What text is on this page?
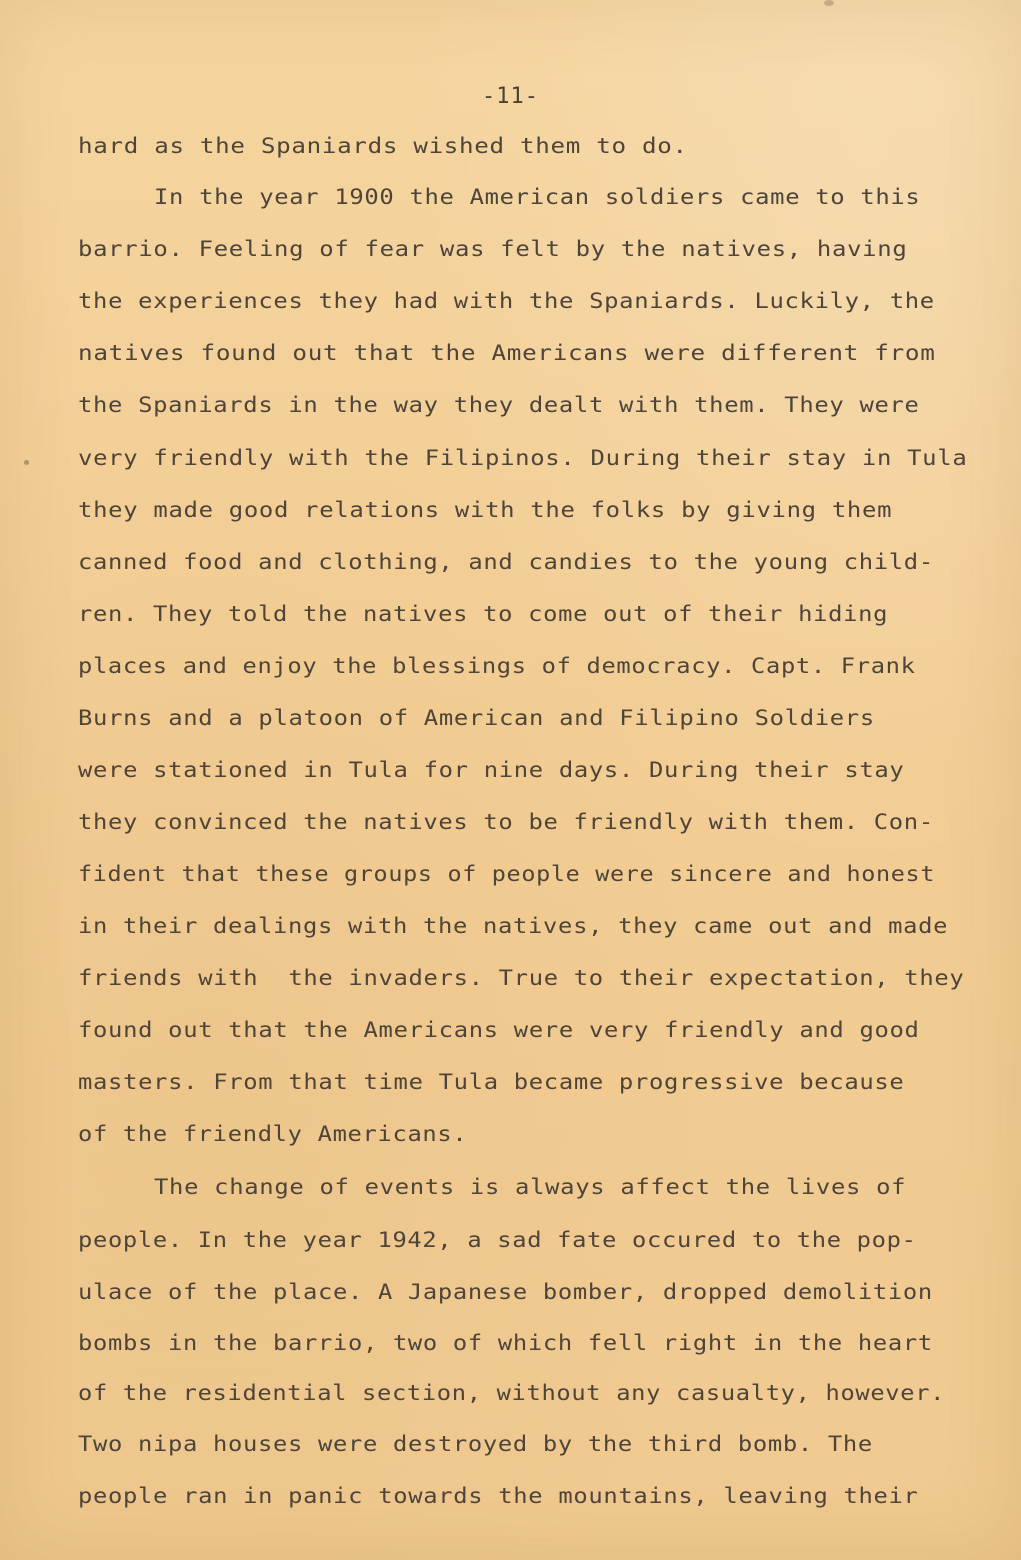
-11-
hard as the Spaniards wished them to do.
In the year 1900 the American soldiers came to this
barrio. Feeling of fear was felt by the natives, having
the experiences they had with the Spaniards. Luckily, the
natives found out that the Americans were different from
the Spaniards in the way they dealt with them. They were
very friendly with the Filipinos. During their stay in Tula
they made good relations with the folks by giving them
canned food and clothing, and candies to the young child-
ren. They told the natives to come out of their hiding
places and enjoy the blessings of democracy. Capt. Frank
Burns and a platoon of American and Filipino Soldiers
were stationed in Tula for nine days. During their stay
they convinced the natives to be friendly with them. Con-
fident that these groups of people were sincere and honest
in their dealings with the natives, they came out and made
friends with  the invaders. True to their expectation, they
found out that the Americans were very friendly and good
masters. From that time Tula became progressive because
of the friendly Americans.
The change of events is always affect the lives of
people. In the year 1942, a sad fate occured to the pop-
ulace of the place. A Japanese bomber, dropped demolition
bombs in the barrio, two of which fell right in the heart
of the residential section, without any casualty, however.
Two nipa houses were destroyed by the third bomb. The
people ran in panic towards the mountains, leaving their
